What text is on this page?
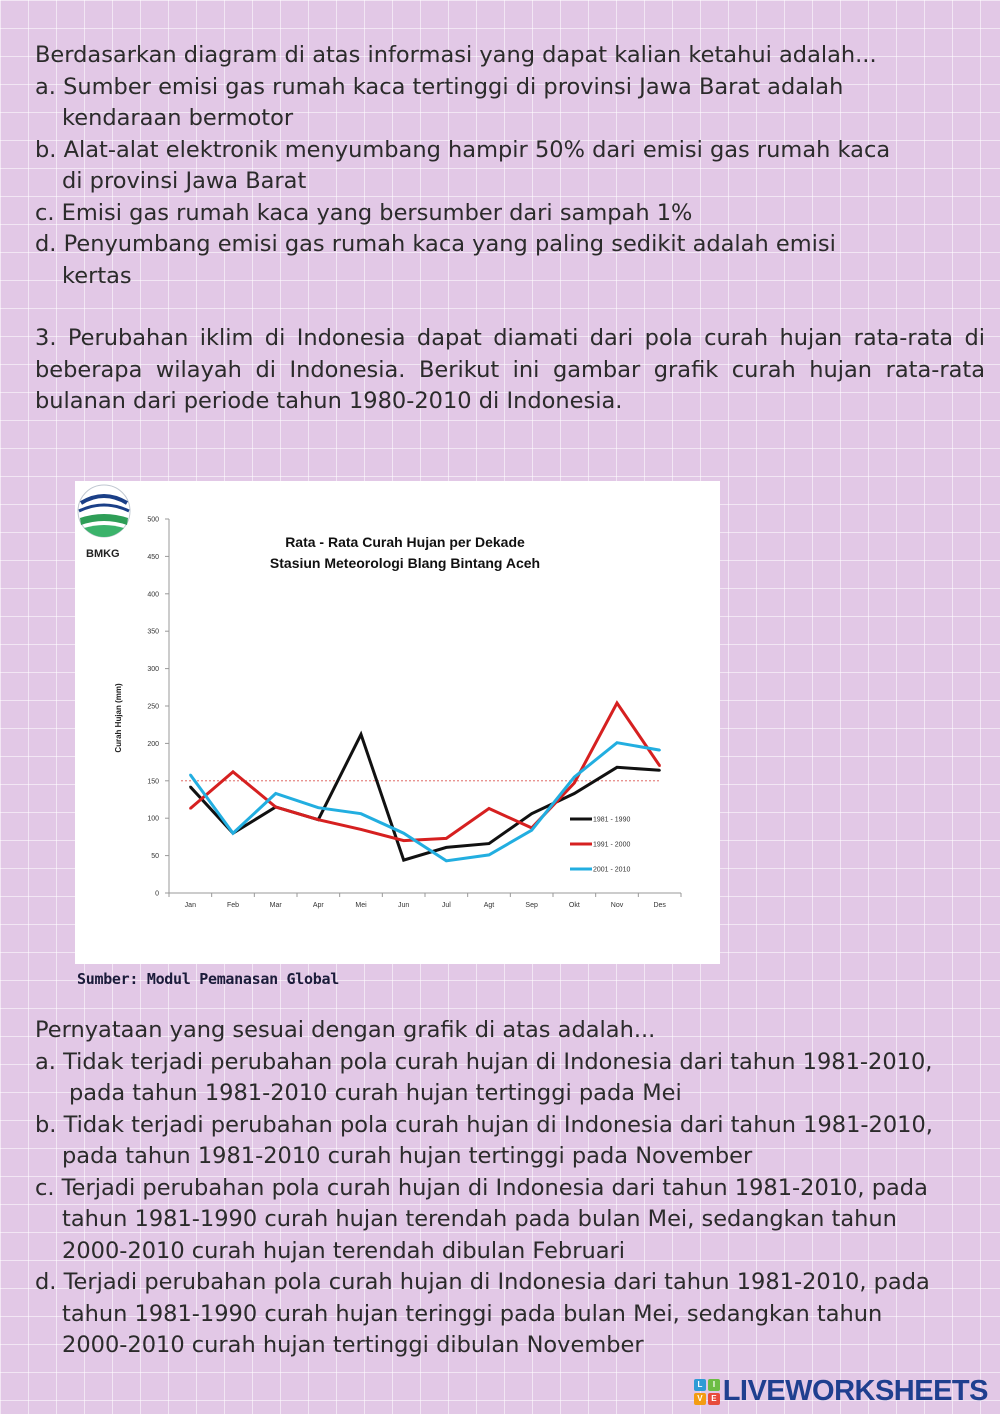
Berdasarkan diagram di atas informasi yang dapat kalian ketahui adalah...

a. Sumber emisi gas rumah kaca tertinggi di provinsi Jawa Barat adalah

kendaraan bermotor

b. Alat-alat elektronik menyumbang hampir 50% dari emisi gas rumah kaca

di provinsi Jawa Barat

c. Emisi gas rumah kaca yang bersumber dari sampah 1%

d. Penyumbang emisi gas rumah kaca yang paling sedikit adalah emisi

kertas

3. Perubahan iklim di Indonesia dapat diamati dari pola curah hujan rata-rata di beberapa wilayah di Indonesia. Berikut ini gambar grafik curah hujan rata-rata bulanan dari periode tahun 1980-2010 di Indonesia.

BMKG
Rata - Rata Curah Hujan per Dekade
Stasiun Meteorologi Blang Bintang Aceh
Curah Hujan (mm)
0
50
100
150
200
250
300
350
400
450
500
Jan	Feb	Mar	Apr	Mei	Jun	Jul	Agt	Sep	Okt	Nov	Des
1981 - 1990
1991 - 2000
2001 - 2010
Sumber: Modul Pemanasan Global

Pernyataan yang sesuai dengan grafik di atas adalah...

a. Tidak terjadi perubahan pola curah hujan di Indonesia dari tahun 1981-2010,

pada tahun 1981-2010 curah hujan tertinggi pada Mei

b. Tidak terjadi perubahan pola curah hujan di Indonesia dari tahun 1981-2010,

pada tahun 1981-2010 curah hujan tertinggi pada November

c. Terjadi perubahan pola curah hujan di Indonesia dari tahun 1981-2010, pada

tahun 1981-1990 curah hujan terendah pada bulan Mei, sedangkan tahun

2000-2010 curah hujan terendah dibulan Februari

d. Terjadi perubahan pola curah hujan di Indonesia dari tahun 1981-2010, pada

tahun 1981-1990 curah hujan teringgi pada bulan Mei, sedangkan tahun

2000-2010 curah hujan tertinggi dibulan November

L	I
V	E LIVEWORKSHEETS
